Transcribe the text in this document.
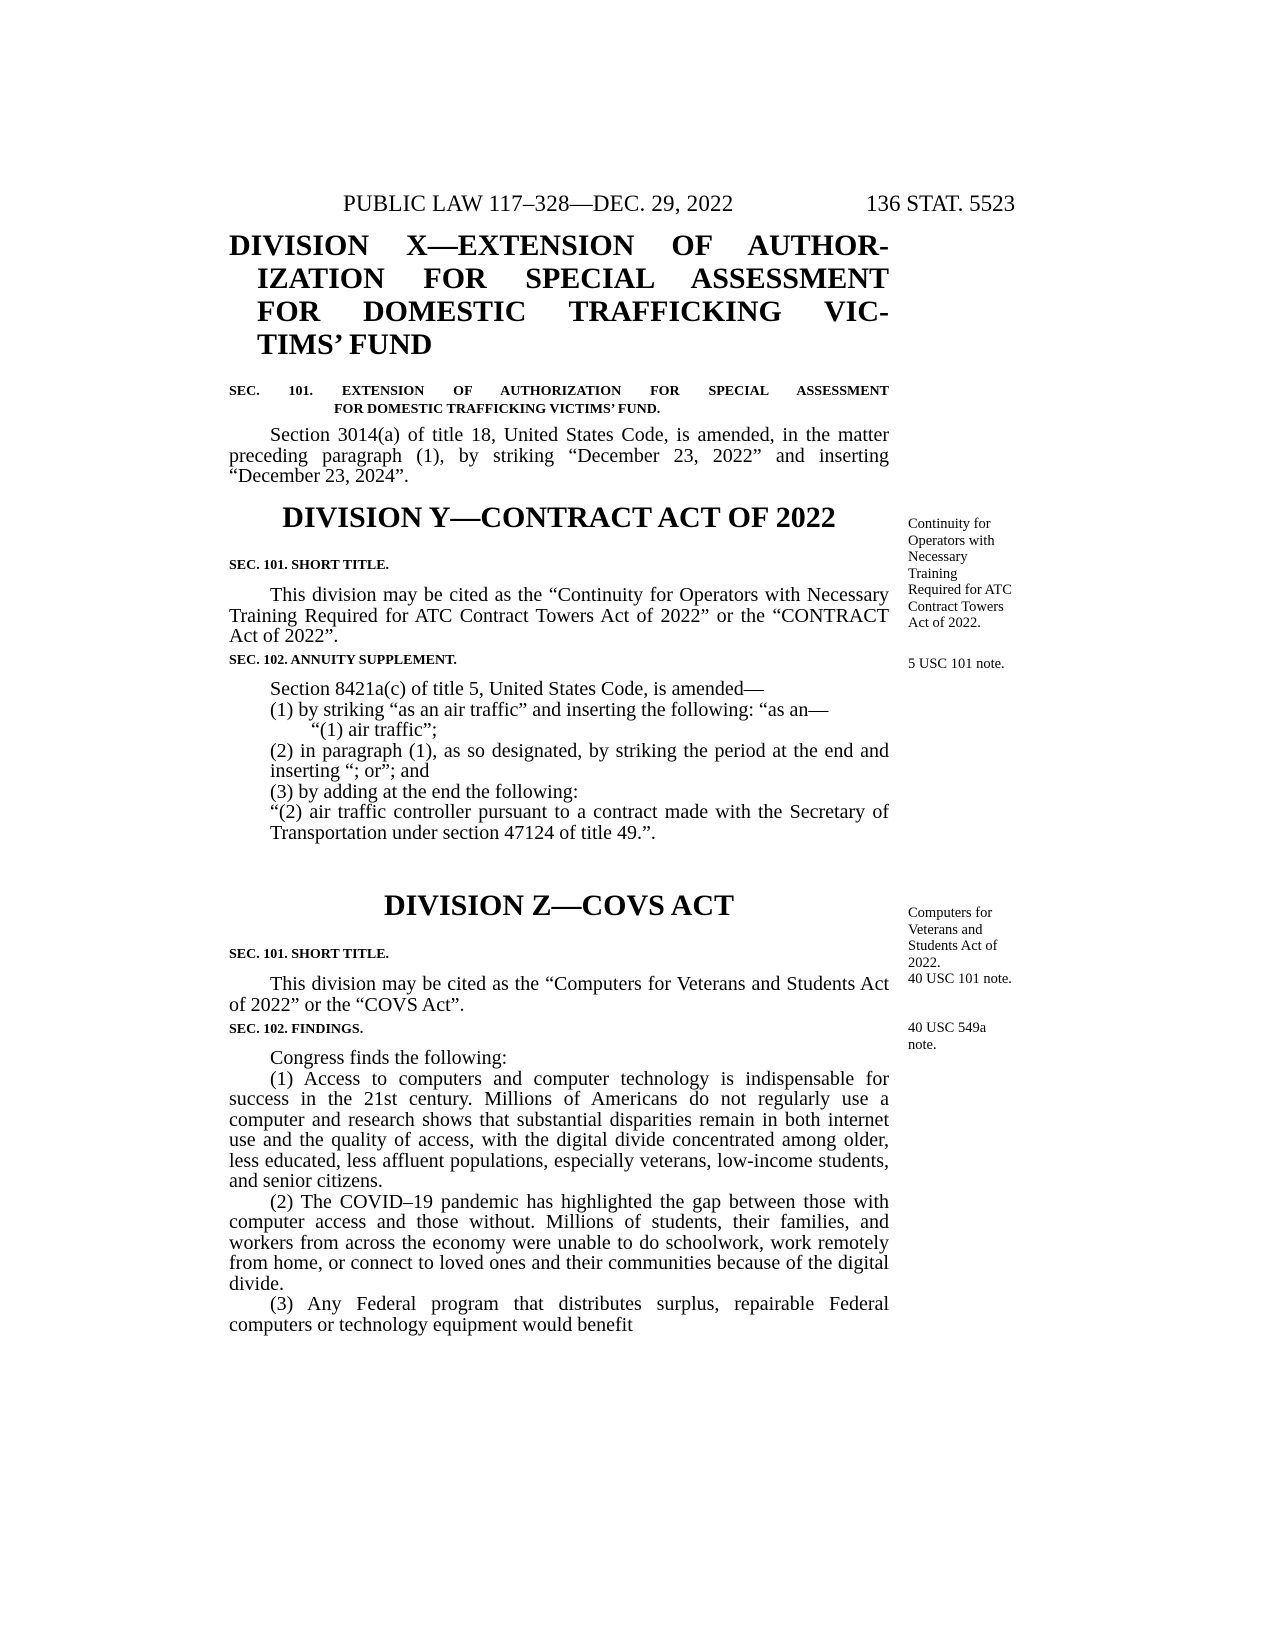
PUBLIC LAW 117–328—DEC. 29, 2022	136 STAT. 5523

DIVISION X—EXTENSION OF AUTHOR-

IZATION FOR SPECIAL ASSESSMENT

FOR DOMESTIC TRAFFICKING VIC-

TIMS’ FUND

SEC. 101. EXTENSION OF AUTHORIZATION FOR SPECIAL ASSESSMENT

FOR DOMESTIC TRAFFICKING VICTIMS’ FUND.

Section 3014(a) of title 18, United States Code, is amended, in the matter preceding paragraph (1), by striking “December 23, 2022” and inserting “December 23, 2024”.

DIVISION Y—CONTRACT ACT OF 2022

SEC. 101. SHORT TITLE.

This division may be cited as the “Continuity for Operators with Necessary Training Required for ATC Contract Towers Act of 2022” or the “CONTRACT Act of 2022”.

SEC. 102. ANNUITY SUPPLEMENT.

Section 8421a(c) of title 5, United States Code, is amended—

(1) by striking “as an air traffic” and inserting the following: “as an—

“(1) air traffic”;

(2) in paragraph (1), as so designated, by striking the period at the end and inserting “; or”; and

(3) by adding at the end the following:

“(2) air traffic controller pursuant to a contract made with the Secretary of Transportation under section 47124 of title 49.”.

Continuity for
Operators with
Necessary
Training
Required for ATC
Contract Towers
Act of 2022.
5 USC 101 note.

DIVISION Z—COVS ACT

SEC. 101. SHORT TITLE.

This division may be cited as the “Computers for Veterans and Students Act of 2022” or the “COVS Act”.

SEC. 102. FINDINGS.

Congress finds the following:

(1) Access to computers and computer technology is indispensable for success in the 21st century. Millions of Americans do not regularly use a computer and research shows that substantial disparities remain in both internet use and the quality of access, with the digital divide concentrated among older, less educated, less affluent populations, especially veterans, low-income students, and senior citizens.

(2) The COVID–19 pandemic has highlighted the gap between those with computer access and those without. Millions of students, their families, and workers from across the economy were unable to do schoolwork, work remotely from home, or connect to loved ones and their communities because of the digital divide.

(3) Any Federal program that distributes surplus, repairable Federal computers or technology equipment would benefit

Computers for
Veterans and
Students Act of
2022.
40 USC 101 note.
40 USC 549a
note.
